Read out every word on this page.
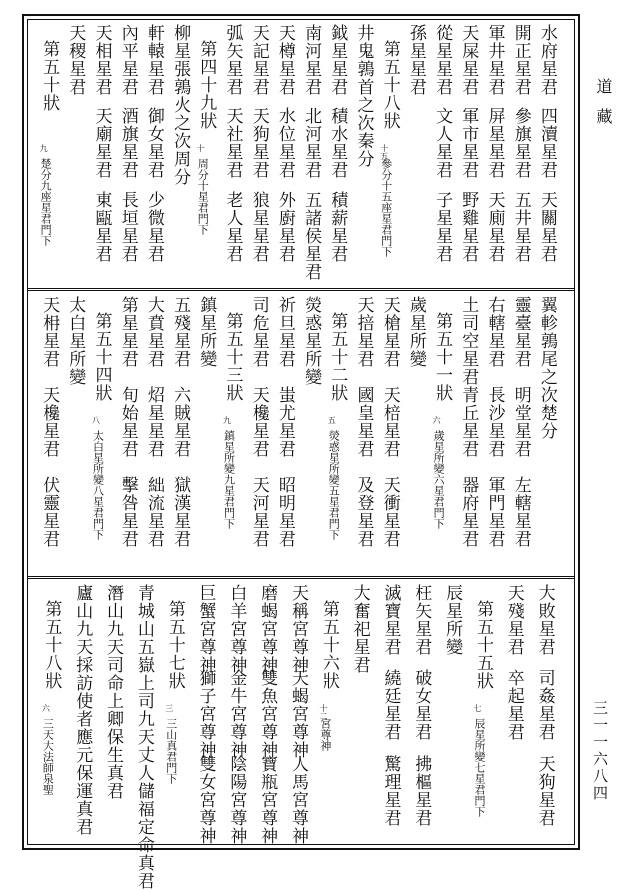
道藏
三一一六八四
水府星君
四瀆星君
天關星君
開正星君
參旗星君
五井星君
軍井星君
屏星星君
天廁星君
天屎星君
軍市星君
野雞星君
從星星君
文人星君
子星星君
孫星星君
第五十八狀
十五
參分十五座星君門下
井鬼鶉首之次秦分
鉞星星君
積水星君
積薪星君
南河星君
北河星君
五諸侯星君
天樽星君
水位星君
外廚星君
天記星君
天狗星君
狼星星君
弧矢星君
天社星君
老人星君
第四十九狀
十
周分十星君門下
柳星張鶉火之次周分
軒轅星君
御女星君
少微星君
內平星君
酒旗星君
長垣星君
天相星君
天廟星君
東甌星君
天稷星君
第五十狀
九
楚分九座星君門下
翼軫鶉尾之次楚分
靈臺星君
明堂星君
左轄星君
右轄星君
長沙星君
軍門星君
土司空星君
青丘星君
器府星君
第五十一狀
六
歲星所變六星君門下
歲星所變
天槍星君
天棓星君
天衝星君
天掊星君
國皇星君
及登星君
第五十二狀
五
熒惑星所變五星君門下
熒惑星所變
祈旦星君
蚩尤星君
昭明星君
司危星君
天欃星君
天河星君
第五十三狀
九
鎮星所變九星君門下
鎮星所變
五殘星君
六賊星君
獄漢星君
大賁星君
炤星星君
絀流星君
第星星君
旬始星君
擊咎星君
第五十四狀
八
太白星所變八星君門下
太白星所變
天枏星君
天欃星君
伏靈星君
大敗星君
司姦星君
天狗星君
天殘星君
卒起星君
第五十五狀
七
辰星所變七星君門下
辰星所變
枉矢星君
破女星君
拂樞星君
滅寶星君
繞廷星君
驚理星君
大奮祀星君
第五十六狀
十二
宮尊神
天稱宮尊神
天蝎宮尊神
人馬宮尊神
磨蝎宮尊神
雙魚宮尊神
寶瓶宮尊神
白羊宮尊神
金牛宮尊神
陰陽宮尊神
巨蟹宮尊神
獅子宮尊神
雙女宮尊神
第五十七狀
三
三山真君門下
青城山五嶽上司九天丈人儲福定命真君
潛山九天司命上卿保生真君
廬山九天採訪使者應元保運真君
第五十八狀
六
三天大法師泉聖
